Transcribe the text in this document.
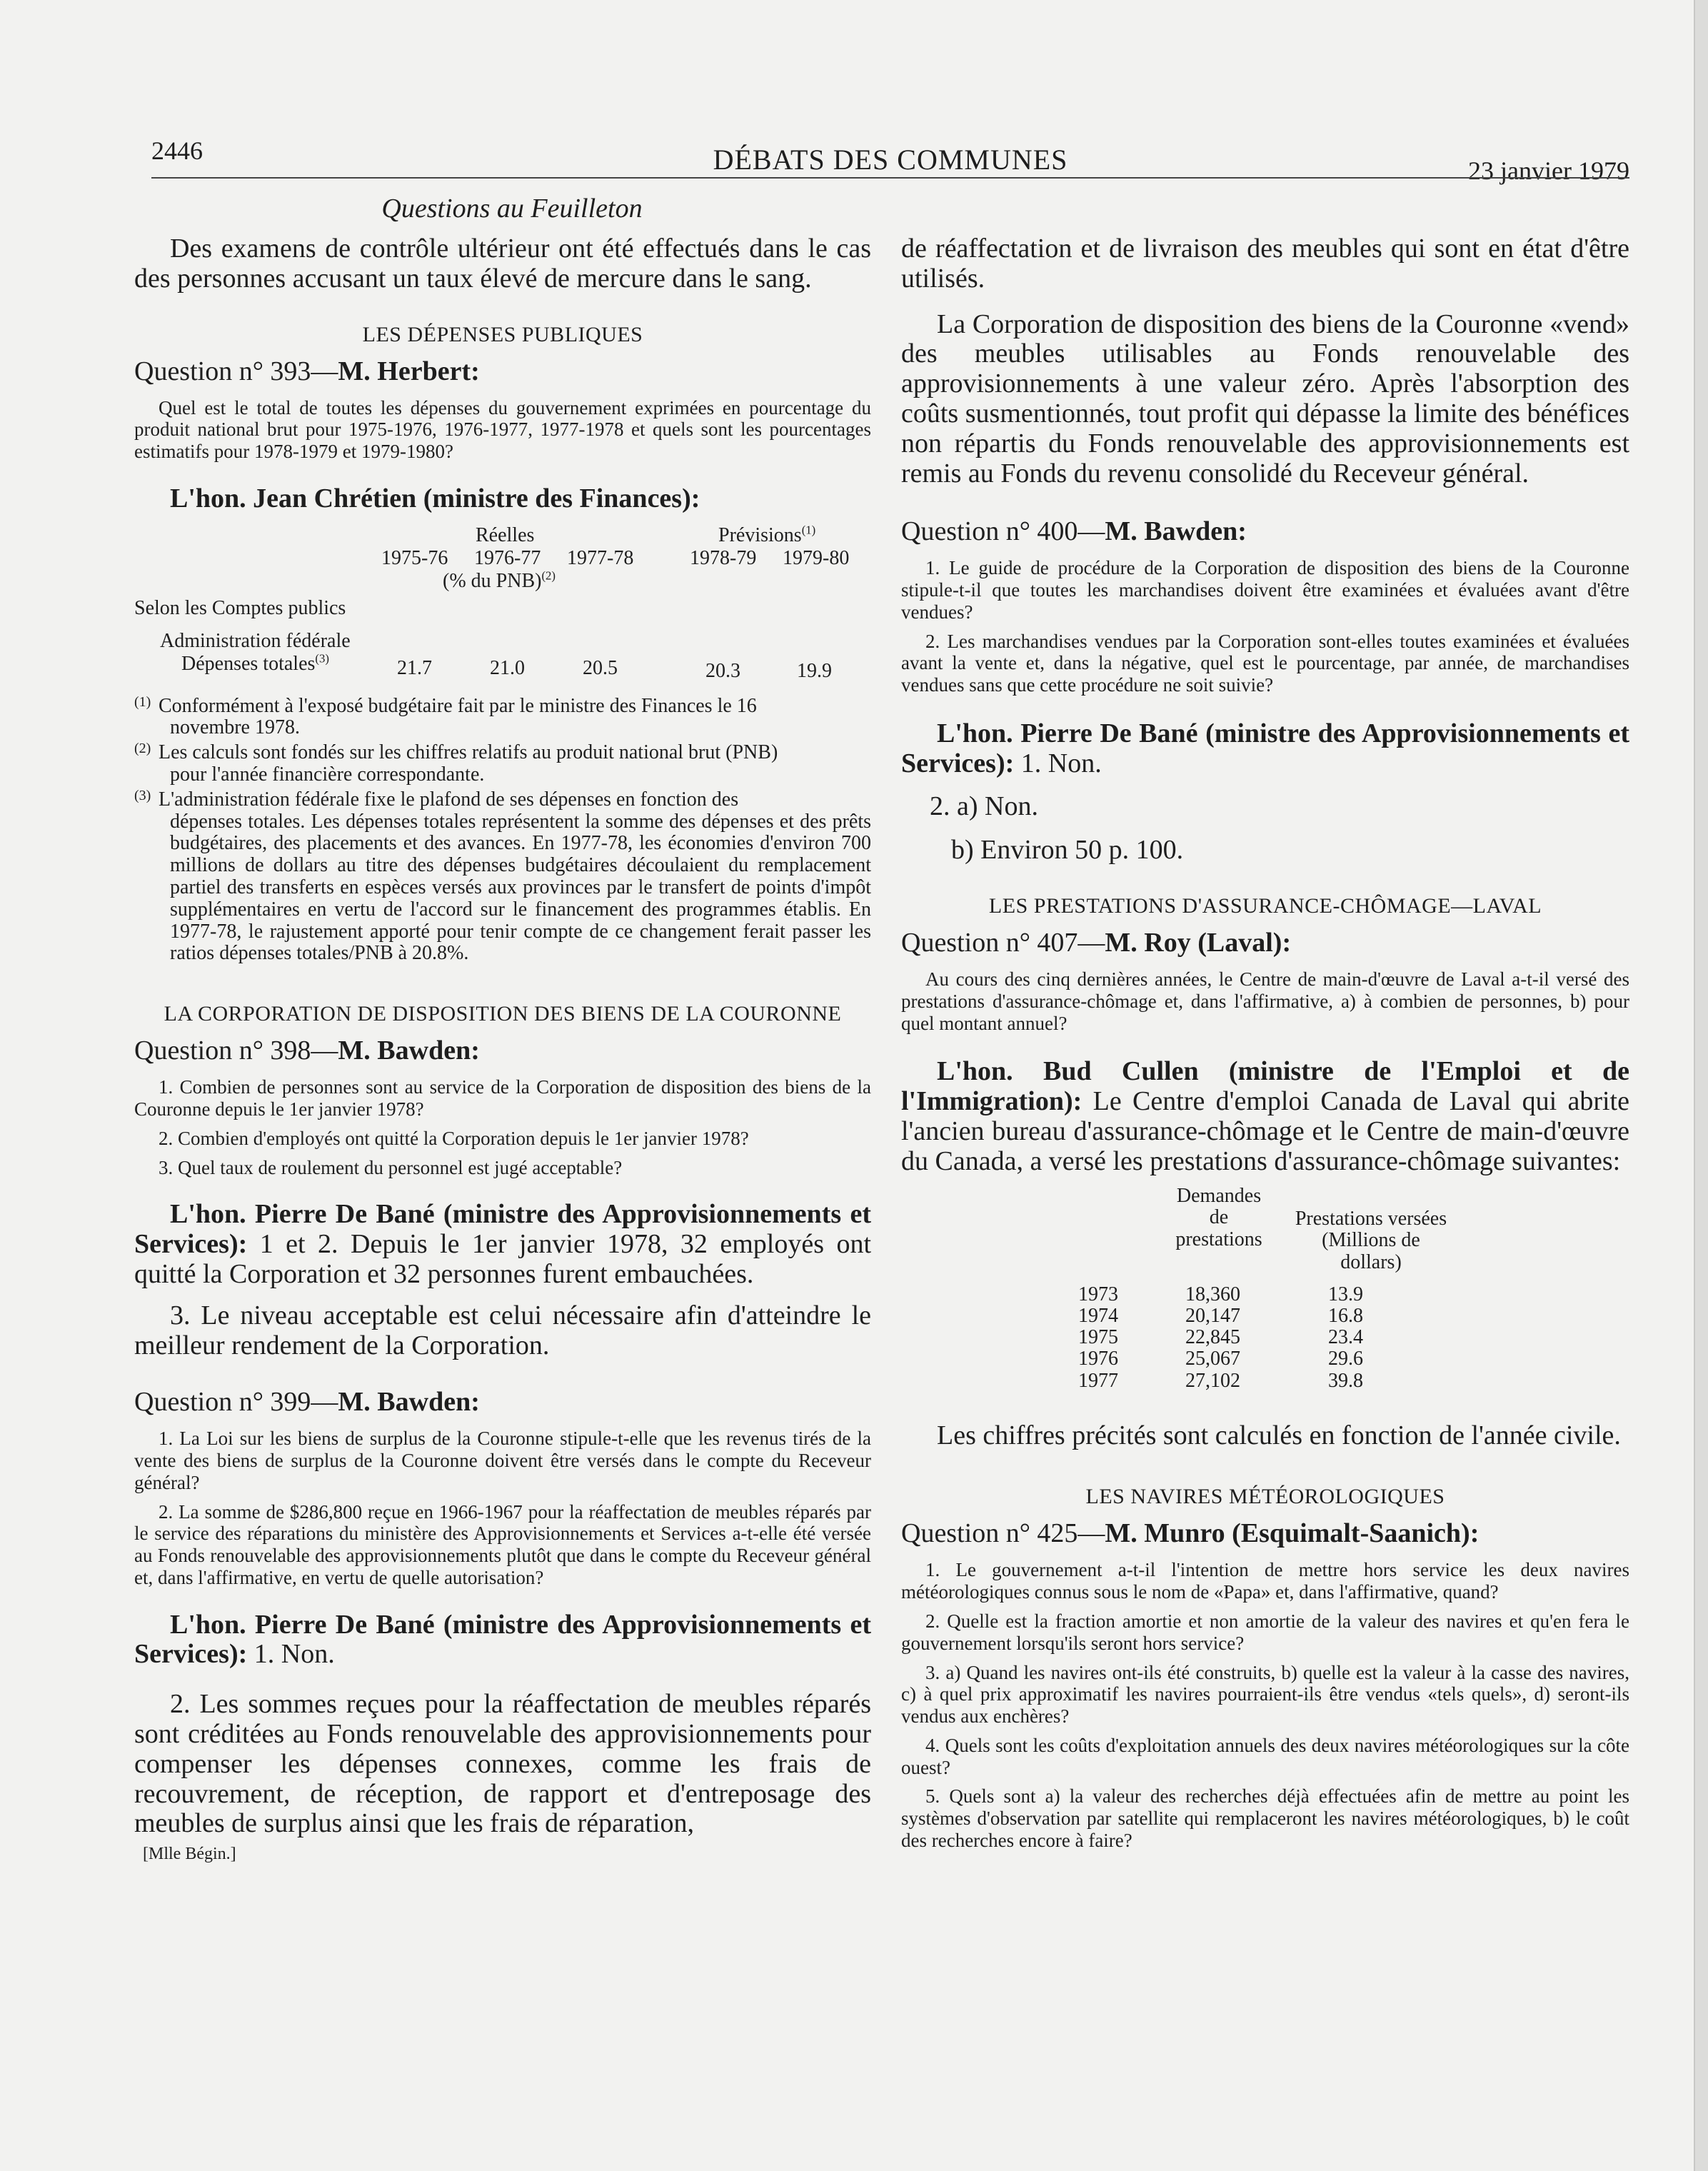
2446	DÉBATS DES COMMUNES	23 janvier 1979
Questions au Feuilleton

Des examens de contrôle ultérieur ont été effectués dans le cas des personnes accusant un taux élevé de mercure dans le sang.

LES DÉPENSES PUBLIQUES

Question n° 393—M. Herbert:

Quel est le total de toutes les dépenses du gouvernement exprimées en pourcentage du produit national brut pour 1975-1976, 1976-1977, 1977-1978 et quels sont les pourcentages estimatifs pour 1978-1979 et 1979-1980?

L'hon. Jean Chrétien (ministre des Finances):

Réelles	Prévisions$^{(1)}$
1975-76 1976-77 1977-78	1978-79 1979-80
(% du PNB)$^{(2)}$
Selon les Comptes publics
Administration fédérale
Dépenses totales$^{(3)}$	21.7	21.0	20.5	20.3	19.9
(1) Conformément à l'exposé budgétaire fait par le ministre des Finances le 16
novembre 1978.
(2) Les calculs sont fondés sur les chiffres relatifs au produit national brut (PNB)
pour l'année financière correspondante.
(3) L'administration fédérale fixe le plafond de ses dépenses en fonction des
dépenses totales. Les dépenses totales représentent la somme des dépenses et des prêts budgétaires, des placements et des avances. En 1977-78, les économies d'environ 700 millions de dollars au titre des dépenses budgétaires découlaient du remplacement partiel des transferts en espèces versés aux provinces par le transfert de points d'impôt supplémentaires en vertu de l'accord sur le financement des programmes établis. En 1977-78, le rajustement apporté pour tenir compte de ce changement ferait passer les ratios dépenses totales/PNB à 20.8%.

LA CORPORATION DE DISPOSITION DES BIENS DE LA COURONNE

Question n° 398—M. Bawden:

1. Combien de personnes sont au service de la Corporation de disposition des biens de la Couronne depuis le 1er janvier 1978?

2. Combien d'employés ont quitté la Corporation depuis le 1er janvier 1978?

3. Quel taux de roulement du personnel est jugé acceptable?

L'hon. Pierre De Bané (ministre des Approvisionnements et Services): 1 et 2. Depuis le 1er janvier 1978, 32 employés ont quitté la Corporation et 32 personnes furent embauchées.

3. Le niveau acceptable est celui nécessaire afin d'atteindre le meilleur rendement de la Corporation.

Question n° 399—M. Bawden:

1. La Loi sur les biens de surplus de la Couronne stipule-t-elle que les revenus tirés de la vente des biens de surplus de la Couronne doivent être versés dans le compte du Receveur général?

2. La somme de $286,800 reçue en 1966-1967 pour la réaffectation de meubles réparés par le service des réparations du ministère des Approvisionnements et Services a-t-elle été versée au Fonds renouvelable des approvisionnements plutôt que dans le compte du Receveur général et, dans l'affirmative, en vertu de quelle autorisation?

L'hon. Pierre De Bané (ministre des Approvisionnements et Services): 1. Non.

2. Les sommes reçues pour la réaffectation de meubles réparés sont créditées au Fonds renouvelable des approvisionnements pour compenser les dépenses connexes, comme les frais de recouvrement, de réception, de rapport et d'entreposage des meubles de surplus ainsi que les frais de réparation,

[Mlle Bégin.]

de réaffectation et de livraison des meubles qui sont en état d'être utilisés.

La Corporation de disposition des biens de la Couronne «vend» des meubles utilisables au Fonds renouvelable des approvisionnements à une valeur zéro. Après l'absorption des coûts susmentionnés, tout profit qui dépasse la limite des bénéfices non répartis du Fonds renouvelable des approvisionnements est remis au Fonds du revenu consolidé du Receveur général.

Question n° 400—M. Bawden:

1. Le guide de procédure de la Corporation de disposition des biens de la Couronne stipule-t-il que toutes les marchandises doivent être examinées et évaluées avant d'être vendues?

2. Les marchandises vendues par la Corporation sont-elles toutes examinées et évaluées avant la vente et, dans la négative, quel est le pourcentage, par année, de marchandises vendues sans que cette procédure ne soit suivie?

L'hon. Pierre De Bané (ministre des Approvisionnements et Services): 1. Non.

2. a) Non.

b) Environ 50 p. 100.

LES PRESTATIONS D'ASSURANCE-CHÔMAGE—LAVAL

Question n° 407—M. Roy (Laval):

Au cours des cinq dernières années, le Centre de main-d'œuvre de Laval a-t-il versé des prestations d'assurance-chômage et, dans l'affirmative, a) à combien de personnes, b) pour quel montant annuel?

L'hon. Bud Cullen (ministre de l'Emploi et de l'Immigration): Le Centre d'emploi Canada de Laval qui abrite l'ancien bureau d'assurance-chômage et le Centre de main-d'œuvre du Canada, a versé les prestations d'assurance-chômage suivantes:

Demandes
de
prestations
Prestations versées
(Millions de
dollars)
1973	18,360	13.9
1974	20,147	16.8
1975	22,845	23.4
1976	25,067	29.6
1977	27,102	39.8

Les chiffres précités sont calculés en fonction de l'année civile.

LES NAVIRES MÉTÉOROLOGIQUES

Question n° 425—M. Munro (Esquimalt-Saanich):

1. Le gouvernement a-t-il l'intention de mettre hors service les deux navires météorologiques connus sous le nom de «Papa» et, dans l'affirmative, quand?

2. Quelle est la fraction amortie et non amortie de la valeur des navires et qu'en fera le gouvernement lorsqu'ils seront hors service?

3. a) Quand les navires ont-ils été construits, b) quelle est la valeur à la casse des navires, c) à quel prix approximatif les navires pourraient-ils être vendus «tels quels», d) seront-ils vendus aux enchères?

4. Quels sont les coûts d'exploitation annuels des deux navires météorologiques sur la côte ouest?

5. Quels sont a) la valeur des recherches déjà effectuées afin de mettre au point les systèmes d'observation par satellite qui remplaceront les navires météorologiques, b) le coût des recherches encore à faire?
